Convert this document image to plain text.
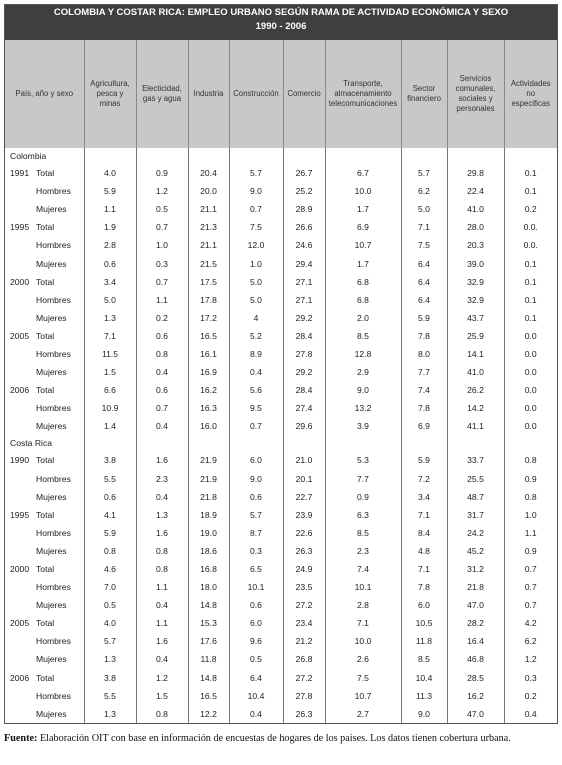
COLOMBIA Y COSTAR RICA: EMPLEO URBANO SEGÚN RAMA DE ACTIVIDAD ECONÓMICA Y SEXO
1990 - 2006
País, año y sexo	Agricultura, pesca y minas	Electicidad, gas y agua	Industria	Construcción	Comercio	Transporte, almacenamiento telecomunicaciones	Sector financiero	Servicios comunales, sociales y personales	Actividades no especificas
Colombia									
1991 Total	4.0	0.9	20.4	5.7	26.7	6.7	5.7	29.8	0.1
Hombres	5.9	1.2	20.0	9.0	25.2	10.0	6.2	22.4	0.1
Mujeres	1.1	0.5	21.1	0.7	28.9	1.7	5.0	41.0	0.2
1995 Total	1.9	0.7	21.3	7.5	26.6	6.9	7.1	28.0	0.0.
Hombres	2.8	1.0	21.1	12.0	24.6	10.7	7.5	20.3	0.0.
Mujeres	0.6	0.3	21.5	1.0	29.4	1.7	6.4	39.0	0.1
2000 Total	3.4	0.7	17.5	5.0	27.1	6.8	6.4	32.9	0.1
Hombres	5.0	1.1	17.8	5.0	27.1	6.8	6.4	32.9	0.1
Mujeres	1.3	0.2	17.2	4	29.2	2.0	5.9	43.7	0.1
2005 Total	7.1	0.6	16.5	5.2	28.4	8.5	7.8	25.9	0.0
Hombres	11.5	0.8	16.1	8.9	27.8	12.8	8.0	14.1	0.0
Mujeres	1.5	0.4	16.9	0.4	29.2	2.9	7.7	41.0	0.0
2006 Total	6.6	0.6	16.2	5.6	28.4	9.0	7.4	26.2	0.0
Hombres	10.9	0.7	16.3	9.5	27.4	13.2	7.8	14.2	0.0
Mujeres	1.4	0.4	16.0	0.7	29.6	3.9	6.9	41.1	0.0
Costa Rica									
1990 Total	3.8	1.6	21.9	6.0	21.0	5.3	5.9	33.7	0.8
Hombres	5.5	2.3	21.9	9.0	20.1	7.7	7.2	25.5	0.9
Mujeres	0.6	0.4	21.8	0.6	22.7	0.9	3.4	48.7	0.8
1995 Total	4.1	1.3	18.9	5.7	23.9	6.3	7.1	31.7	1.0
Hombres	5.9	1.6	19.0	8.7	22.6	8.5	8.4	24.2	1.1
Mujeres	0.8	0.8	18.6	0.3	26.3	2.3	4.8	45.2	0.9
2000 Total	4.6	0.8	16.8	6.5	24.9	7.4	7.1	31.2	0.7
Hombres	7.0	1.1	18.0	10.1	23.5	10.1	7.8	21.8	0.7
Mujeres	0.5	0.4	14.8	0.6	27.2	2.8	6.0	47.0	0.7
2005 Total	4.0	1.1	15.3	6.0	23.4	7.1	10.5	28.2	4.2
Hombres	5.7	1.6	17.6	9.6	21.2	10.0	11.8	16.4	6.2
Mujeres	1.3	0.4	11.8	0.5	26.8	2.6	8.5	46.8	1.2
2006 Total	3.8	1.2	14.8	6.4	27.2	7.5	10.4	28.5	0.3
Hombres	5.5	1.5	16.5	10.4	27.8	10.7	11.3	16.2	0.2
Mujeres	1.3	0.8	12.2	0.4	26.3	2.7	9.0	47.0	0.4
Fuente: Elaboración OIT con base en información de encuestas de hogares de los países. Los datos tienen cobertura urbana.
